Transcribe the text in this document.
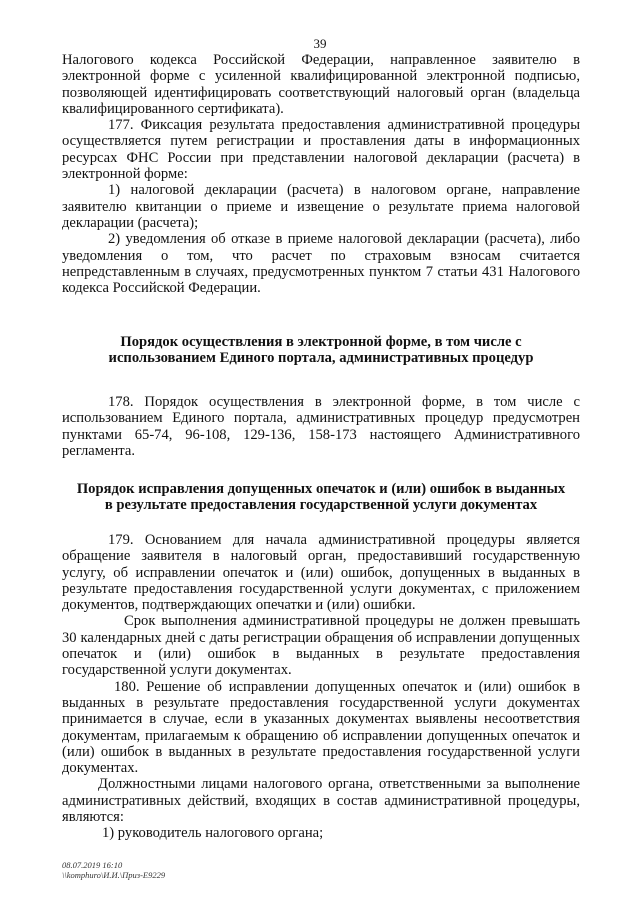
39

Налогового кодекса Российской Федерации, направленное заявителю в электронной форме с усиленной квалифицированной электронной подписью, позволяющей идентифицировать соответствующий налоговый орган (владельца квалифицированного сертификата).

177. Фиксация результата предоставления административной процедуры осуществляется путем регистрации и проставления даты в информационных ресурсах ФНС России при представлении налоговой декларации (расчета) в электронной форме:

1) налоговой декларации (расчета) в налоговом органе, направление заявителю квитанции о приеме и извещение о результате приема налоговой декларации (расчета);

2) уведомления об отказе в приеме налоговой декларации (расчета), либо уведомления о том, что расчет по страховым взносам считается непредставленным в случаях, предусмотренных пунктом 7 статьи 431 Налогового кодекса Российской Федерации.

Порядок осуществления в электронной форме, в том числе с

использованием Единого портала, административных процедур

178. Порядок осуществления в электронной форме, в том числе с использованием Единого портала, административных процедур предусмотрен пунктами 65-74, 96-108, 129-136, 158-173 настоящего Административного регламента.

Порядок исправления допущенных опечаток и (или) ошибок в выданных

в результате предоставления государственной услуги документах

179. Основанием для начала административной процедуры является обращение заявителя в налоговый орган, предоставивший государственную услугу, об исправлении опечаток и (или) ошибок, допущенных в выданных в результате предоставления государственной услуги документах, с приложением документов, подтверждающих опечатки и (или) ошибки.

Срок выполнения административной процедуры не должен превышать 30 календарных дней с даты регистрации обращения об исправлении допущенных опечаток и (или) ошибок в выданных в результате предоставления государственной услуги документах.

180. Решение об исправлении допущенных опечаток и (или) ошибок в выданных в результате предоставления государственной услуги документах принимается в случае, если в указанных документах выявлены несоответствия документам, прилагаемым к обращению об исправлении допущенных опечаток и (или) ошибок в выданных в результате предоставления государственной услуги документах.

Должностными лицами налогового органа, ответственными за выполнение административных действий, входящих в состав административной процедуры, являются:

1) руководитель налогового органа;

08.07.2019 16:10
\\komphuro\И.И.\Приз-Е9229
